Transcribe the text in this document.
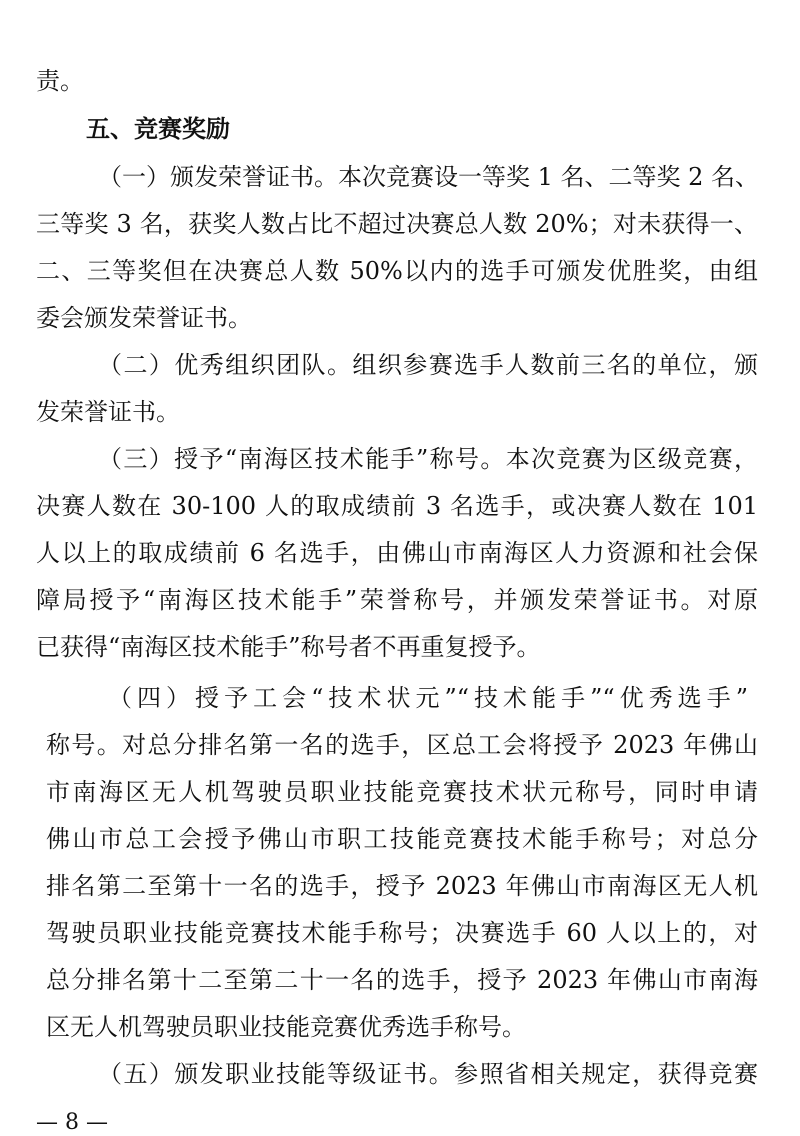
责。
五、竞赛奖励
（一）颁发荣誉证书。本次竞赛设一等奖 1 名、二等奖 2 名、
三等奖 3 名，获奖人数占比不超过决赛总人数 20%；对未获得一、
二、三等奖但在决赛总人数 50%以内的选手可颁发优胜奖，由组
委会颁发荣誉证书。
（二）优秀组织团队。组织参赛选手人数前三名的单位，颁
发荣誉证书。
（三）授予“南海区技术能手”称号。本次竞赛为区级竞赛，
决赛人数在 30-100 人的取成绩前 3 名选手，或决赛人数在 101
人以上的取成绩前 6 名选手，由佛山市南海区人力资源和社会保
障局授予“南海区技术能手”荣誉称号，并颁发荣誉证书。对原
已获得“南海区技术能手”称号者不再重复授予。
（四）授予工会“技术状元”“技术能手”“优秀选手”
称号。对总分排名第一名的选手，区总工会将授予 2023 年佛山
市南海区无人机驾驶员职业技能竞赛技术状元称号，同时申请
佛山市总工会授予佛山市职工技能竞赛技术能手称号；对总分
排名第二至第十一名的选手，授予 2023 年佛山市南海区无人机
驾驶员职业技能竞赛技术能手称号；决赛选手 60 人以上的，对
总分排名第十二至第二十一名的选手，授予 2023 年佛山市南海
区无人机驾驶员职业技能竞赛优秀选手称号。
（五）颁发职业技能等级证书。参照省相关规定，获得竞赛
— 8 —
